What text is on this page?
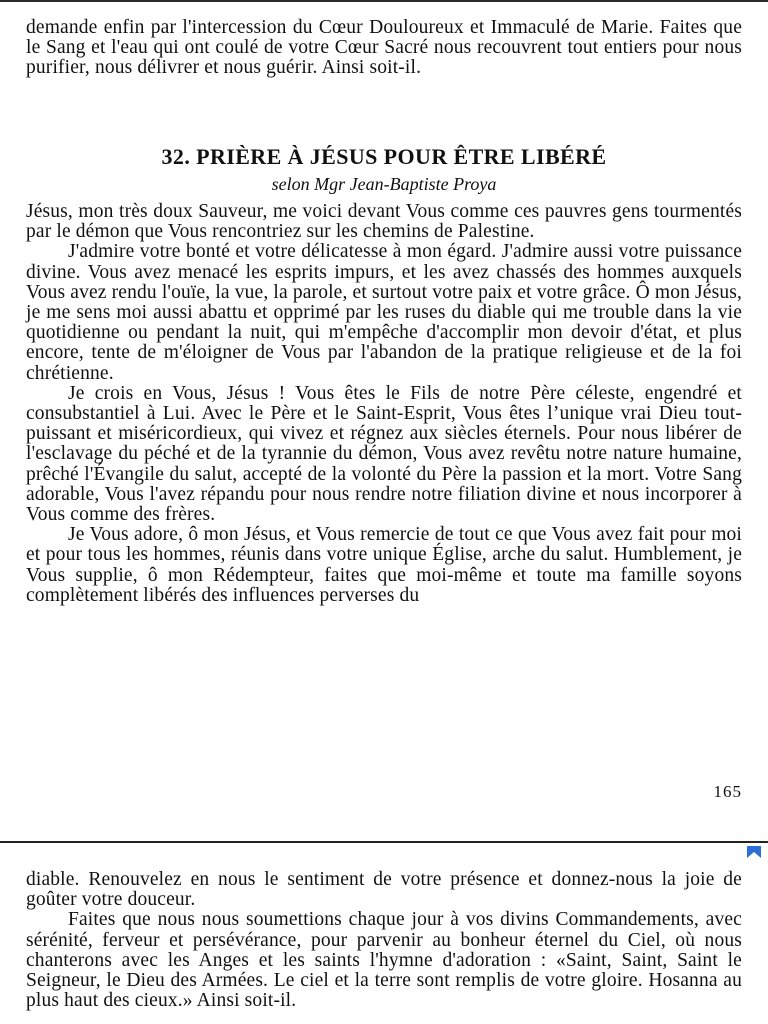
demande enfin par l'intercession du Cœur Douloureux et Immaculé de Marie. Faites que le Sang et l'eau qui ont coulé de votre Cœur Sacré nous recouvrent tout entiers pour nous purifier, nous délivrer et nous guérir. Ainsi soit-il.

32. PRIÈRE À JÉSUS POUR ÊTRE LIBÉRÉ
selon Mgr Jean-Baptiste Proya

Jésus, mon très doux Sauveur, me voici devant Vous comme ces pauvres gens tourmentés par le démon que Vous rencontriez sur les chemins de Palestine.

J'admire votre bonté et votre délicatesse à mon égard. J'admire aussi votre puissance divine. Vous avez menacé les esprits impurs, et les avez chassés des hommes auxquels Vous avez rendu l'ouïe, la vue, la parole, et surtout votre paix et votre grâce. Ô mon Jésus, je me sens moi aussi abattu et opprimé par les ruses du diable qui me trouble dans la vie quotidienne ou pendant la nuit, qui m'empêche d'accomplir mon devoir d'état, et plus encore, tente de m'éloigner de Vous par l'abandon de la pratique religieuse et de la foi chrétienne.

Je crois en Vous, Jésus ! Vous êtes le Fils de notre Père céleste, engendré et consubstantiel à Lui. Avec le Père et le Saint-Esprit, Vous êtes l’unique vrai Dieu tout-puissant et miséricordieux, qui vivez et régnez aux siècles éternels. Pour nous libérer de l'esclavage du péché et de la tyrannie du démon, Vous avez revêtu notre nature humaine, prêché l'Évangile du salut, accepté de la volonté du Père la passion et la mort. Votre Sang adorable, Vous l'avez répandu pour nous rendre notre filiation divine et nous incorporer à Vous comme des frères.

Je Vous adore, ô mon Jésus, et Vous remercie de tout ce que Vous avez fait pour moi et pour tous les hommes, réunis dans votre unique Église, arche du salut. Humblement, je Vous supplie, ô mon Rédempteur, faites que moi-même et toute ma famille soyons complètement libérés des influences perverses du

165

diable. Renouvelez en nous le sentiment de votre présence et donnez-nous la joie de goûter votre douceur.

Faites que nous nous soumettions chaque jour à vos divins Commandements, avec sérénité, ferveur et persévérance, pour parvenir au bonheur éternel du Ciel, où nous chanterons avec les Anges et les saints l'hymne d'adoration : «Saint, Saint, Saint le Seigneur, le Dieu des Armées. Le ciel et la terre sont remplis de votre gloire. Hosanna au plus haut des cieux.» Ainsi soit-il.
